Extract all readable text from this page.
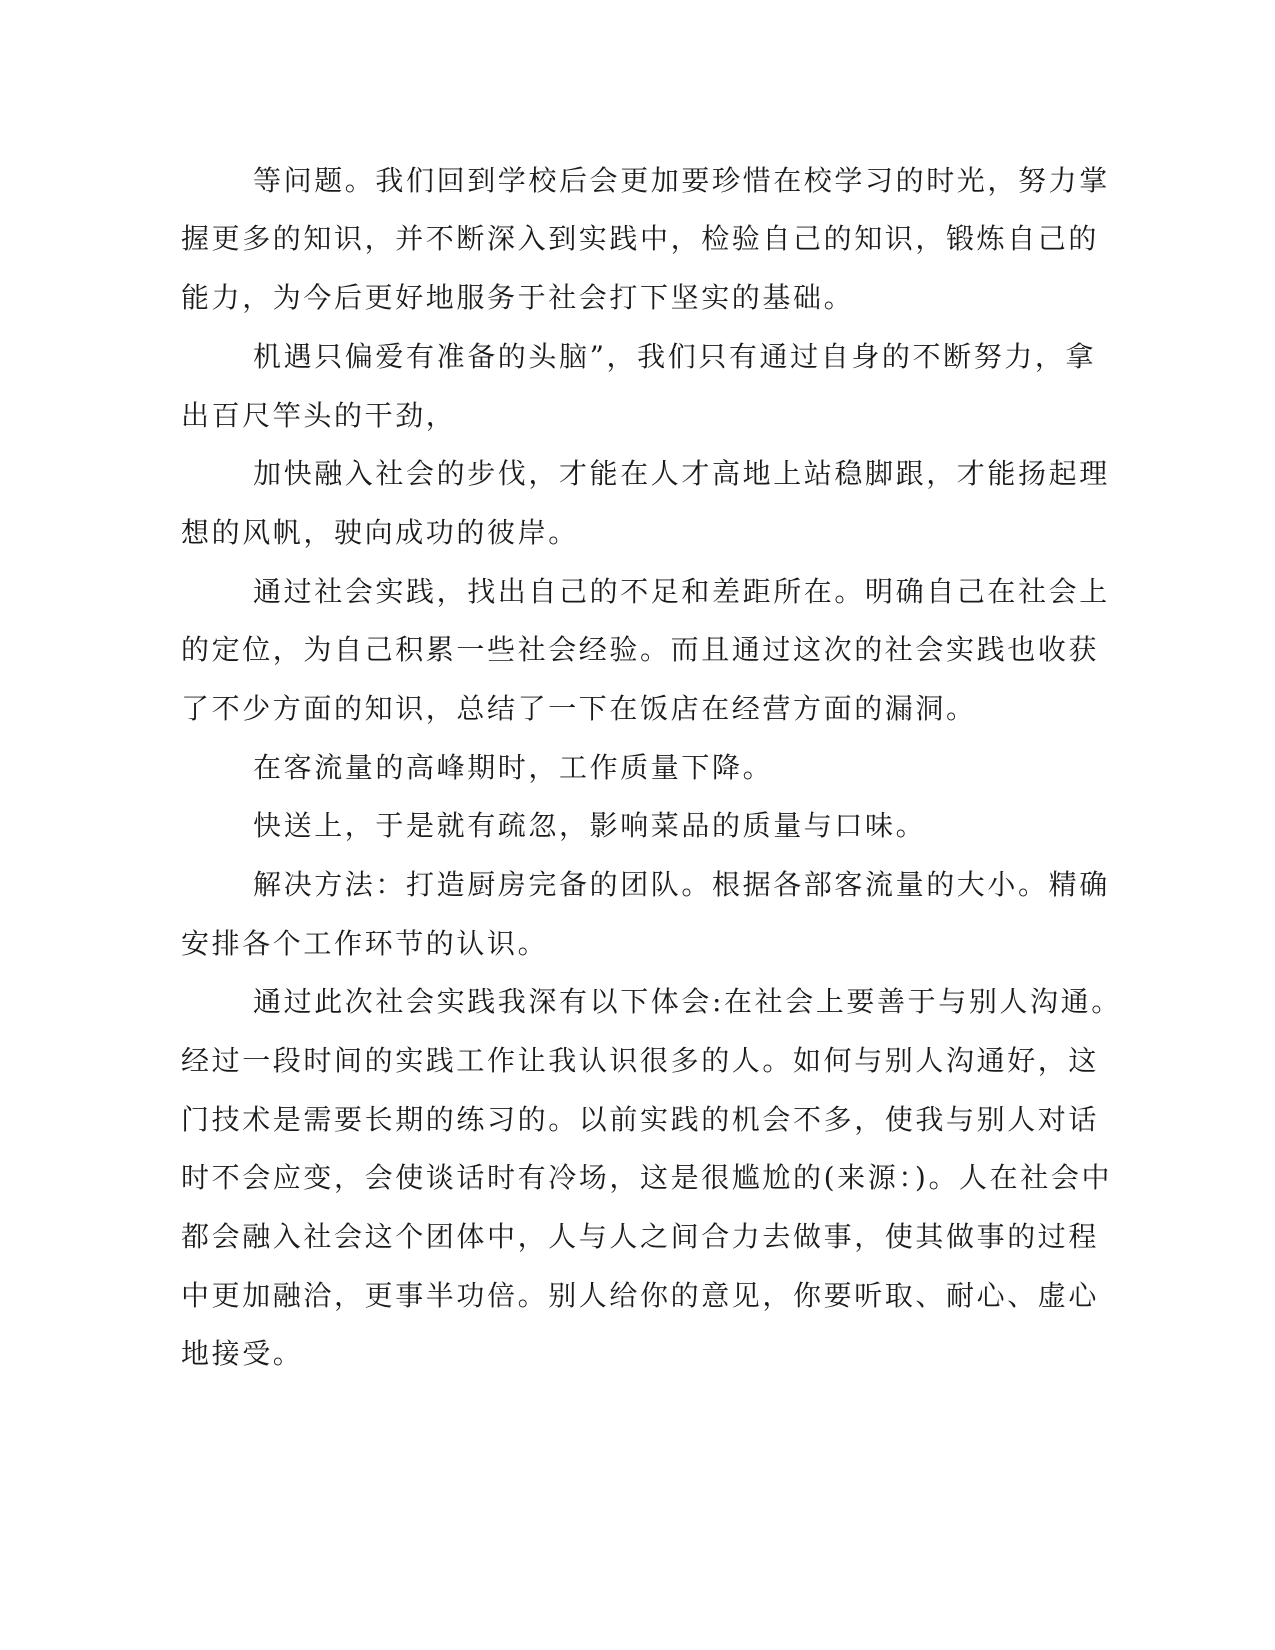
等问题。我们回到学校后会更加要珍惜在校学习的时光，努力掌
握更多的知识，并不断深入到实践中，检验自己的知识，锻炼自己的
能力，为今后更好地服务于社会打下坚实的基础。
机遇只偏爱有准备的头脑”，我们只有通过自身的不断努力，拿
出百尺竿头的干劲，
加快融入社会的步伐，才能在人才高地上站稳脚跟，才能扬起理
想的风帆，驶向成功的彼岸。
通过社会实践，找出自己的不足和差距所在。明确自己在社会上
的定位，为自己积累一些社会经验。而且通过这次的社会实践也收获
了不少方面的知识，总结了一下在饭店在经营方面的漏洞。
在客流量的高峰期时，工作质量下降。
快送上，于是就有疏忽，影响菜品的质量与口味。
解决方法：打造厨房完备的团队。根据各部客流量的大小。精确
安排各个工作环节的认识。
通过此次社会实践我深有以下体会:在社会上要善于与别人沟通。
经过一段时间的实践工作让我认识很多的人。如何与别人沟通好，这
门技术是需要长期的练习的。以前实践的机会不多，使我与别人对话
时不会应变，会使谈话时有冷场，这是很尴尬的(来源：)。人在社会中
都会融入社会这个团体中，人与人之间合力去做事，使其做事的过程
中更加融洽，更事半功倍。别人给你的意见，你要听取、耐心、虚心
地接受。
